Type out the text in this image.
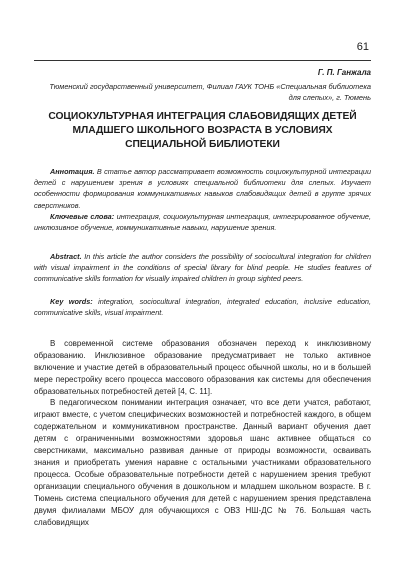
61
Г. П. Ганжала
Тюменский государственный университет, Филиал ГАУК ТОНБ «Специальная библиотека для слепых», г. Тюмень
СОЦИОКУЛЬТУРНАЯ ИНТЕГРАЦИЯ СЛАБОВИДЯЩИХ ДЕТЕЙ МЛАДШЕГО ШКОЛЬНОГО ВОЗРАСТА В УСЛОВИЯХ СПЕЦИАЛЬНОЙ БИБЛИОТЕКИ

Аннотация. В статье автор рассматривает возможность социокультурной интеграции детей с нарушением зрения в условиях специальной библиотеки для слепых. Изучает особенности формирования коммуникативных навыков слабовидящих детей в группе зрячих сверстников.

Ключевые слова: интеграция, социокультурная интеграция, интегрированное обучение, инклюзивное обучение, коммуникативные навыки, нарушение зрения.

Abstract. In this article the author considers the possibility of sociocultural integration for children with visual impairment in the conditions of special library for blind people. He studies features of communicative skills formation for visually impaired children in group sighted peers.

Key words: integration, sociocultural integration, integrated education, inclusive education, communicative skills, visual impairment.

В современной системе образования обозначен переход к инклюзивному образованию. Инклюзивное образование предусматривает не только активное включение и участие детей в образовательный процесс обычной школы, но и в большей мере перестройку всего процесса массового образования как системы для обеспечения образовательных потребностей детей [4, С. 11].

В педагогическом понимании интеграция означает, что все дети учатся, работают, играют вместе, с учетом специфических возможностей и потребностей каждого, в общем содержательном и коммуникативном пространстве. Данный вариант обучения дает детям с ограниченными возможностями здоровья шанс активнее общаться со сверстниками, максимально развивая данные от природы возможности, осваивать знания и приобретать умения наравне с остальными участниками образовательного процесса. Особые образовательные потребности детей с нарушением зрения требуют организации специального обучения в дошкольном и младшем школьном возрасте. В г. Тюмень система специального обучения для детей с нарушением зрения представлена двумя филиалами МБОУ для обучающихся с ОВЗ НШ-ДС № 76. Большая часть слабовидящих
